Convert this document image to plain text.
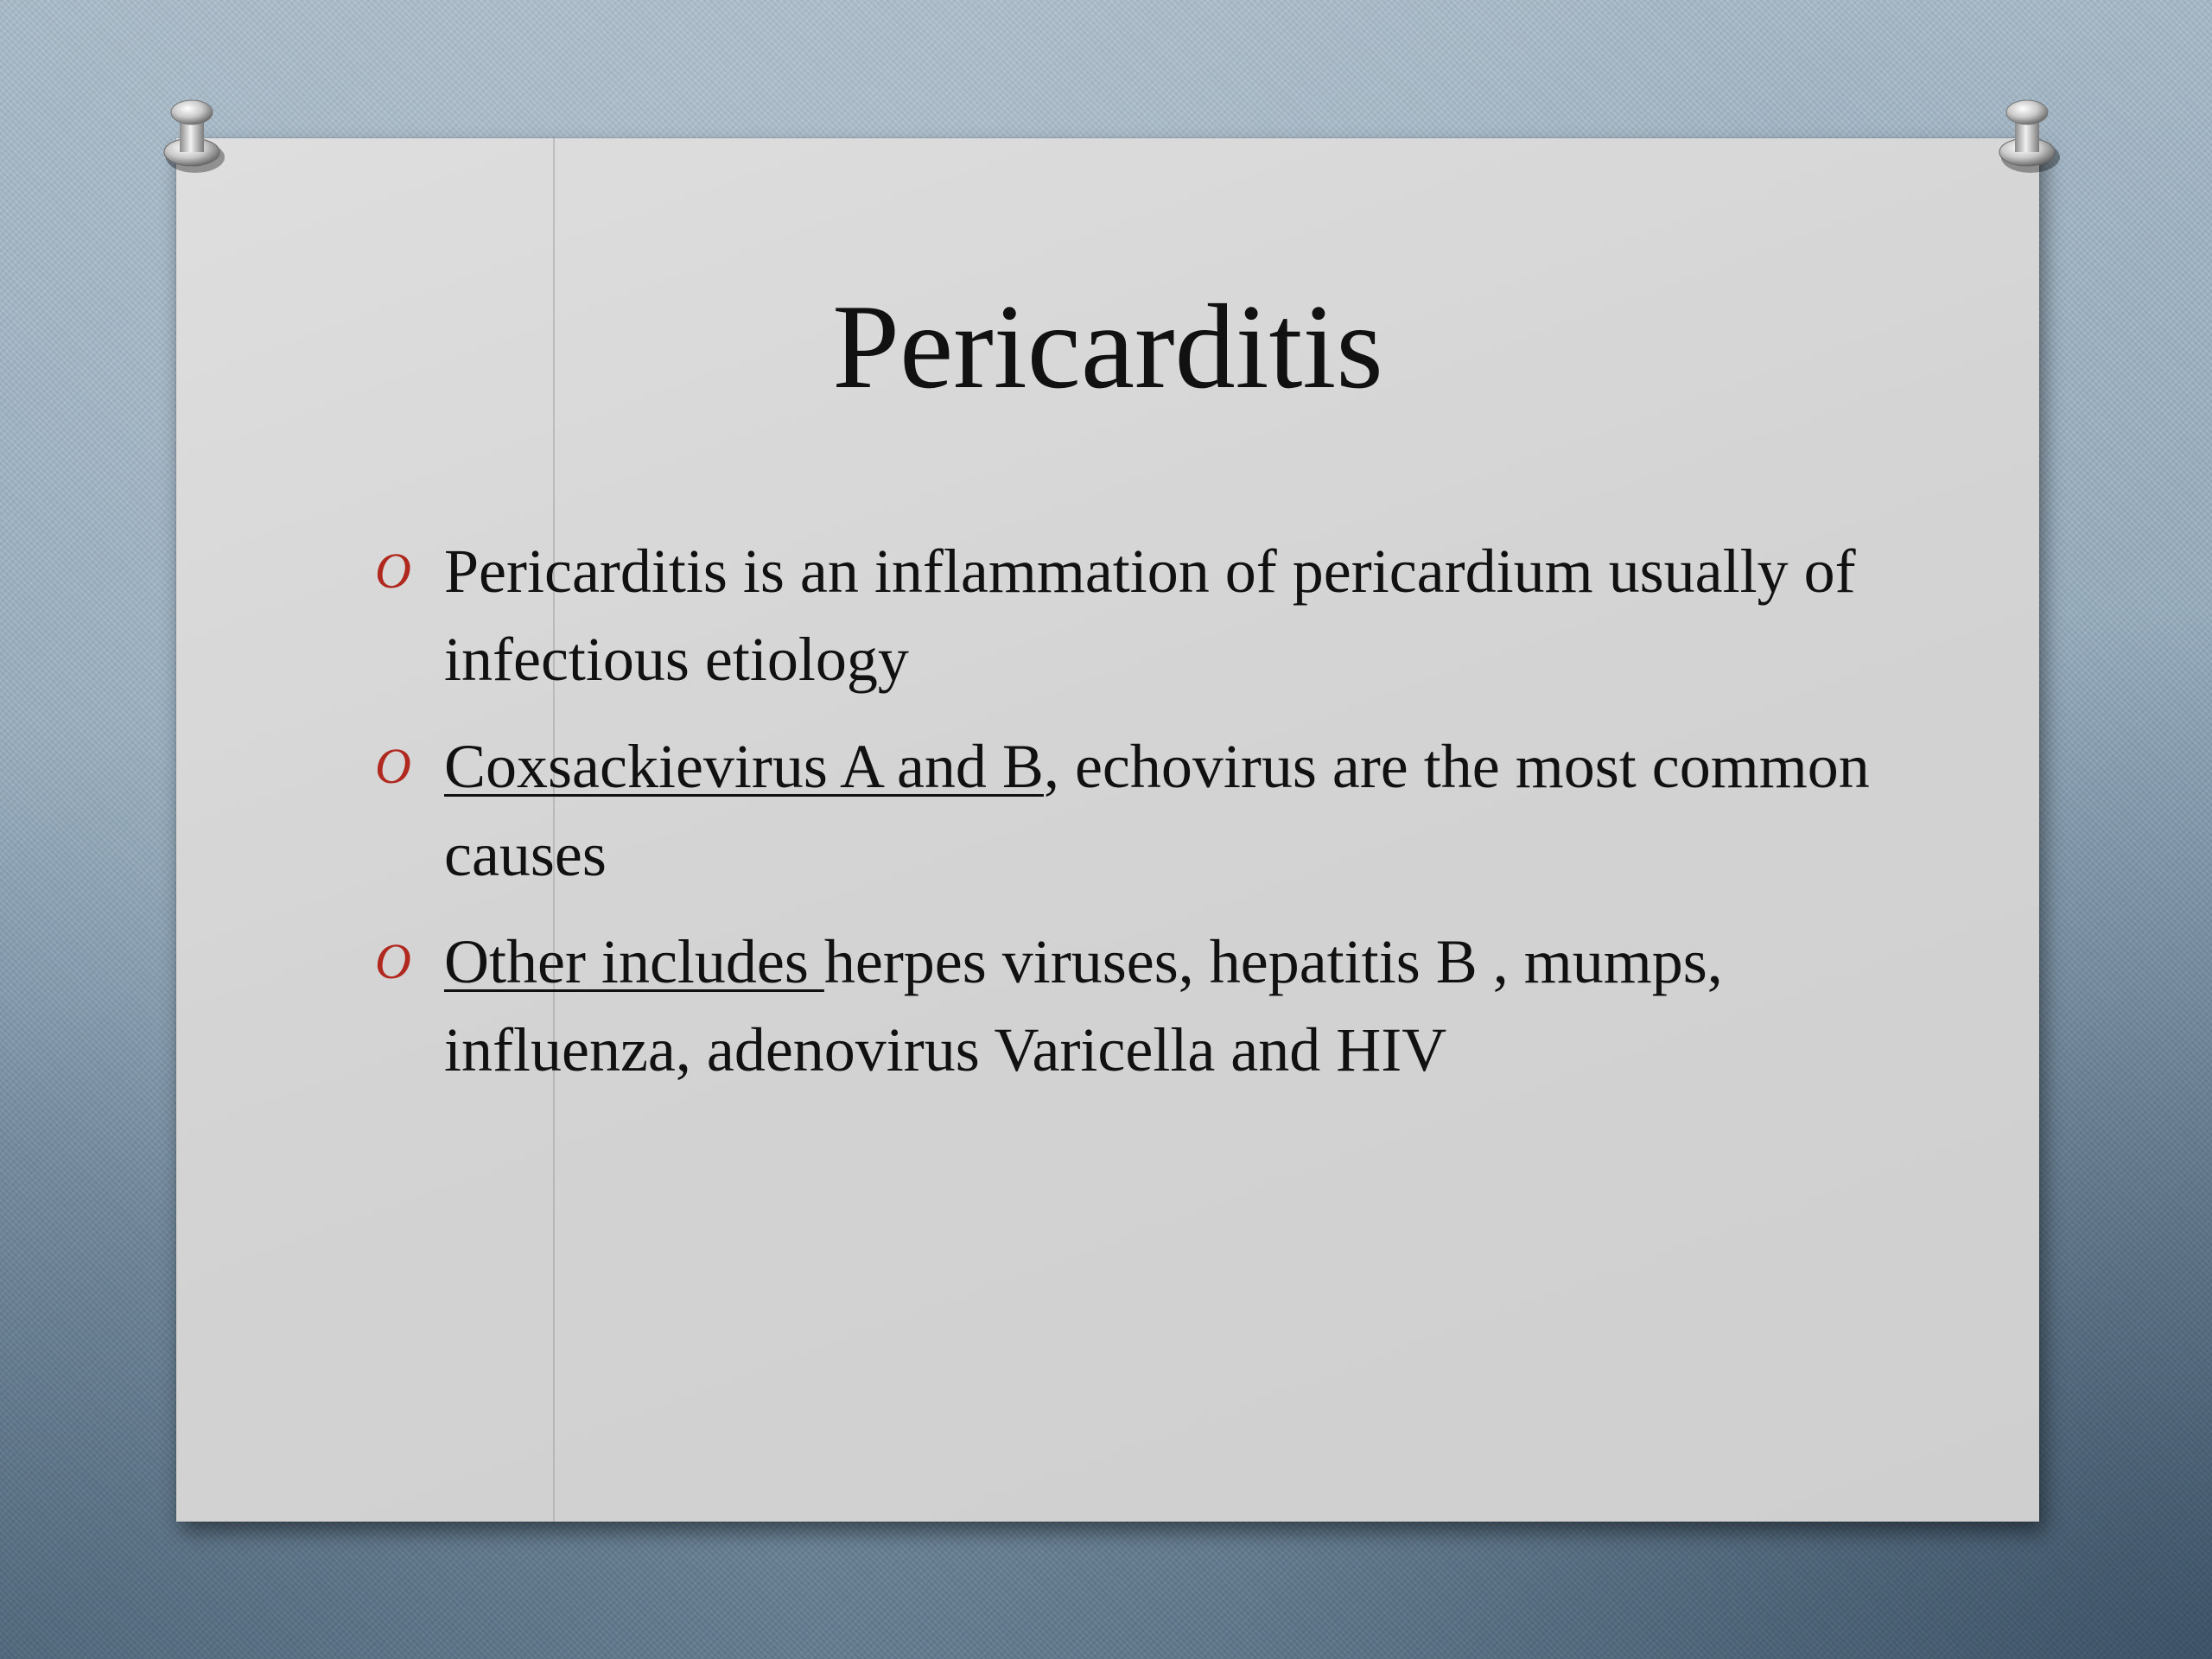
Pericarditis
O Pericarditis is an inflammation of pericardium usually of infectious etiology
O Coxsackievirus A and B, echovirus are the most common causes
O Other includes herpes viruses, hepatitis B , mumps, influenza, adenovirus Varicella and HIV
